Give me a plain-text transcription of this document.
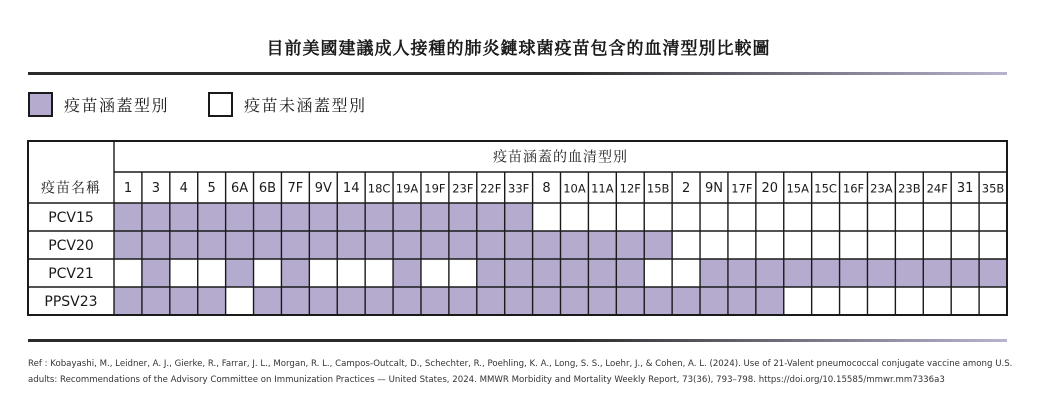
目前美國建議成人接種的肺炎鏈球菌疫苗包含的血清型別比較圖
疫苗涵蓋型別	疫苗未涵蓋型別
疫苗涵蓋的血清型別
疫苗名稱 1 3 4 5 6A 6B 7F 9V 14 18C 19A 19F 23F 22F 33F 8 10A 11A 12F 15B 2 9N 17F 20 15A 15C 16F 23A 23B 24F 31 35B
PCV15
PCV20
PCV21
PPSV23
Ref : Kobayashi, M., Leidner, A. J., Gierke, R., Farrar, J. L., Morgan, R. L., Campos-Outcalt, D., Schechter, R., Poehling, K. A., Long, S. S., Loehr, J., & Cohen, A. L. (2024). Use of 21-Valent pneumococcal conjugate vaccine among U.S. adults: Recommendations of the Advisory Committee on Immunization Practices — United States, 2024. MMWR Morbidity and Mortality Weekly Report, 73(36), 793–798. https://doi.org/10.15585/mmwr.mm7336a3
